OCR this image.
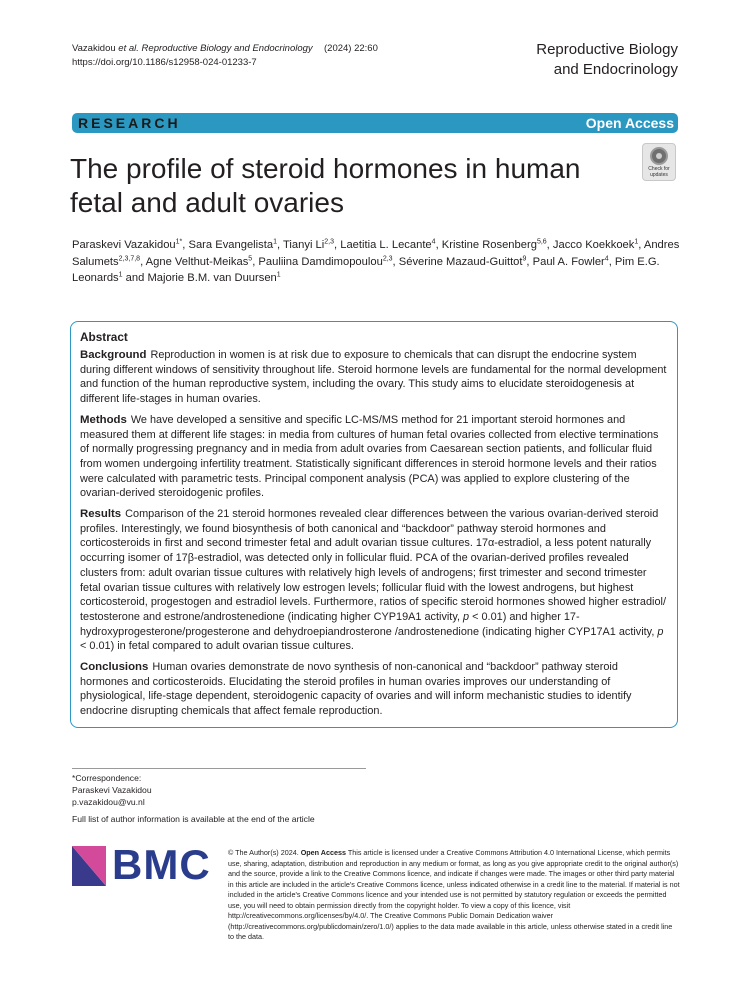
Vazakidou et al. Reproductive Biology and Endocrinology (2024) 22:60
https://doi.org/10.1186/s12958-024-01233-7
Reproductive Biology
and Endocrinology
RESEARCH	Open Access
The profile of steroid hormones in human fetal and adult ovaries
Check for
updates
Paraskevi Vazakidou$^{1*}$, Sara Evangelista$^1$, Tianyi Li$^{2,3}$, Laetitia L. Lecante$^4$, Kristine Rosenberg$^{5,6}$, Jacco Koekkoek$^1$, Andres Salumets$^{2,3,7,8}$, Agne Velthut-Meikas$^5$, Pauliina Damdimopoulou$^{2,3}$, Séverine Mazaud-Guittot$^9$, Paul A. Fowler$^4$, Pim E.G. Leonards$^1$ and Majorie B.M. van Duursen$^1$
Abstract

Background Reproduction in women is at risk due to exposure to chemicals that can disrupt the endocrine system during different windows of sensitivity throughout life. Steroid hormone levels are fundamental for the normal development and function of the human reproductive system, including the ovary. This study aims to elucidate steroidogenesis at different life-stages in human ovaries.

Methods We have developed a sensitive and specific LC-MS/MS method for 21 important steroid hormones and measured them at different life stages: in media from cultures of human fetal ovaries collected from elective terminations of normally progressing pregnancy and in media from adult ovaries from Caesarean section patients, and follicular fluid from women undergoing infertility treatment. Statistically significant differences in steroid hormone levels and their ratios were calculated with parametric tests. Principal component analysis (PCA) was applied to explore clustering of the ovarian-derived steroidogenic profiles.

Results Comparison of the 21 steroid hormones revealed clear differences between the various ovarian-derived steroid profiles. Interestingly, we found biosynthesis of both canonical and “backdoor” pathway steroid hormones and corticosteroids in first and second trimester fetal and adult ovarian tissue cultures. 17α-estradiol, a less potent naturally occurring isomer of 17β-estradiol, was detected only in follicular fluid. PCA of the ovarian-derived profiles revealed clusters from: adult ovarian tissue cultures with relatively high levels of androgens; first trimester and second trimester fetal ovarian tissue cultures with relatively low estrogen levels; follicular fluid with the lowest androgens, but highest corticosteroid, progestogen and estradiol levels. Furthermore, ratios of specific steroid hormones showed higher estradiol/ testosterone and estrone/androstenedione (indicating higher CYP19A1 activity, p < 0.01) and higher 17-hydroxyprogesterone/progesterone and dehydroepiandrosterone /androstenedione (indicating higher CYP17A1 activity, p < 0.01) in fetal compared to adult ovarian tissue cultures.

Conclusions Human ovaries demonstrate de novo synthesis of non-canonical and “backdoor” pathway steroid hormones and corticosteroids. Elucidating the steroid profiles in human ovaries improves our understanding of physiological, life-stage dependent, steroidogenic capacity of ovaries and will inform mechanistic studies to identify endocrine disrupting chemicals that affect female reproduction.

*Correspondence:
Paraskevi Vazakidou
p.vazakidou@vu.nl
Full list of author information is available at the end of the article
BMC © The Author(s) 2024. Open Access This article is licensed under a Creative Commons Attribution 4.0 International License, which permits use, sharing, adaptation, distribution and reproduction in any medium or format, as long as you give appropriate credit to the original author(s) and the source, provide a link to the Creative Commons licence, and indicate if changes were made. The images or other third party material in this article are included in the article's Creative Commons licence, unless indicated otherwise in a credit line to the material. If material is not included in the article's Creative Commons licence and your intended use is not permitted by statutory regulation or exceeds the permitted use, you will need to obtain permission directly from the copyright holder. To view a copy of this licence, visit http://creativecommons.org/licenses/by/4.0/. The Creative Commons Public Domain Dedication waiver (http://creativecommons.org/publicdomain/zero/1.0/) applies to the data made available in this article, unless otherwise stated in a credit line to the data.
